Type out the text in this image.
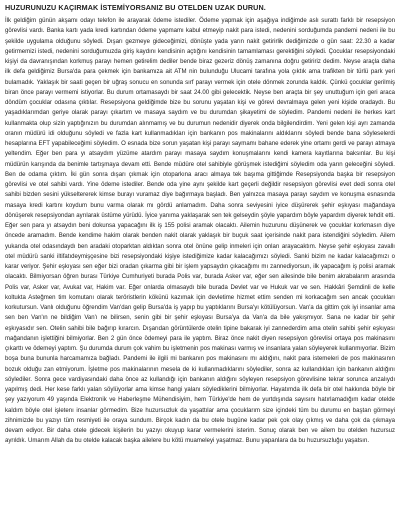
HUZURUNUZU KAÇIRMAK İSTEMİYORSANIZ BU OTELDEN UZAK DURUN.

İlk geldiğim günün akşamı odayı telefon ile arayarak ödeme istediler. Ödeme yapmak için aşağıya indiğimde aslı surattı farklı bir resepsiyon görevlisi vardı. Banka kartı yada kredi kartından ödeme yapmamı kabul etmeyip nakit para istedi, nedenini sorduğumda pandemi nedeni ile bu şekilde uygulama olduğunu söyledi. Dışarı gezmeye gideceğimizi, dönüşte yada yarın nakit getirirlik dediğimizde o gün saat: 22.30 a kadar getirmemizi istedi, nedenini sorduğumuzda giriş kaydını kendisinin açtığını kendisinin tamamlaması gerektiğini söyledi. Çocuklar resepsiyondaki kişiyi da davranışından korkmuş parayı hemen getirelim dediler bende biraz gezeriz dönüş zamanına doğru getiririz dedim. Neyse araçla daha ilk defa geldiğimiz Bursa'da para çekmek için bankamıza ait ATM nin bulunduğu Ulucami tarafına yola çıktık ama trafikten bir türlü park yeri bulamadık. Yaklaşık bir saati geçen bir uğraş sonucu en sonunda sırf parayı vermek için otele dönmek zorunda kaldık. Çünkü çocuklar gerilmiş biran önce parayı vermemi istiyorlar. Bu durum ortamasaydı bir saat 24.00 gibi gelecektik. Neyse ben araçta bir şey unuttuğum için geri araca döndüm çocuklar odasına çıktılar. Resepsiyona geldiğimde bize bu sorunu yaşatan kişi ve görevi devralmaya gelen yeni kişide oradaydı. Bu yaşadıklarımdan geriye olarak parayı çıkartım ve masaya saydım ve bu durumdan şikayetimi de söyledim. Pandemi nedeni ile herkes kart kullanmakta olup sizin yaptığınızın bu durumdan alınmamış ve bu durumun nedenidir diyerek onda bilgilendirdim. Yeni gelen kişi ayrı zamanda oranın müdürü idi olduğunu söyledi ve fazla kart kullanmadıkları için bankanın pos makinalarını aldıklarını söyledi bende bana söyleselerdi hesaplarına EFT yapabileceğimi söyledim. O esnada bize sorun yaşatan kişi parayı saymamı bahane ederek yine ortamı gerdi ve parayı atmaya yeltendim. Eğer ben para yı atsaydım yüzüme atardım parayı masaya saydım konuşmalarını kendi kamera kayıtlarına baksınlar. Bu kişi müdürün karışında da benimle tartışmaya devam etti. Bende müdüre otel sahibiyle görüşmek istediğimi söyledim oda yarın geleceğini söyledi. Ben de odama çıktım. İki gün sonra dışarı çıkmak için otoparkına aracı almaya tek başıma gittiğimde Resepsiyonda başka bir resepsiyon görevlisi ve otel sahibi vardı. Yine ödeme istediler. Bende oda yine aynı şekilde kart geçerli değildir resepsiyon görevlisi evet dedi sonra otel sahibi bizden sesini yükseltererek kimse burayı vuramaz diye bağırmaya başladı. Ben yalnızca masaya parayı saydım ve konuşma esnasında masaya kredi kartını koydum bunu varma olarak mı gördü anlamadım. Daha sonra seviyesini iyice düşürerek şehir eşkıyası mağandaya dönüşerek resepsiyondan ayrılarak üstüme yürüdü. İyice yanıma yaklaşarak sen tek gelseydin şöyle yapardım böyle yapardım diyerek tehdit etti. Eğer sen para yı atsaydın beni dokunsa yapacağını ilk iş 155 polisi aramak olacaktı. Ailemin huzurunu düşünerek ve çocuklar korkmasın diye öncede aramadım. Bende kendime hakim olarak benden nakit olarak yaklaşık bir buçuk saat içerisinde nakit para istendiğini söyledim. Ailem yukarıda otel odasındaydı ben aradaki otoparktan aldıktan sonra otel önüne gelip inmeleri için onları arayacaktım. Neyse şehir eşkıyası zavallı otel müdürü sanki iltifatıdeymişçesine bizi resepsiyondaki kişiye istediğimize kadar kalacağımızı söyledi. Sanki bizim ne kadar kalacağımızı o karar veriyor. Şehir eşkıyası sen eğer bizi oradan çıkarma gibi bir işlem yapsaydın çıkacağımı mı zannediyorsun, ilk yapacağım iş polisi aramak olacaktı. Bilmiyorsan öğren burası Türkiye Cumhuriyeti burada Polis var, burada Asker var, eğer sen ailesinde bile benim akrabalarım arasında Polis var, Asker var, Avukat var, Hakim var. Eğer onlarda olmasaydı bile burada Devlet var ve Hukuk var ve sen. Hakkâri Şemdinli de kelle koltukta Asteğmen tim komutanı olarak teröristlerin kökünü kazımak için devletime hizmet ettim senden mi korkacağım sen ancak çocukları korkutursun. Vanlı olduğunu öğrendim Van'dan gelip Bursa'da iş yapıp bu yaptıklarını Bursa'yı kötülüyorsun. Van'a da gittim çok iyi insanlar ama sen ben Van'ın ne bildiğim Van'ı ne bilirsen, senin gibi bir şehir eşkıyası Bursa'ya da Van'a da bile yakışmıyor. Sana ne kadar bir şehir eşkıyasıdır sen. Otelin sahibi bile bağırıp kırarcın. Dışarıdan görüntülerde otelin tipine bakarak iyi zannederdim ama otelin sahibi şehir eşkıyası mağandanın işlettiğini bilmiyorlar. Ben 2 gün önce ödemeyi para ile yaptım. Biraz önce nakit diyen resepsiyon görevlisi ortaya pos makinasını çıkarttı ve ödemeyi yaptım. Şu durumda durum çok vahim bu işletmenin pos makinası varmış ve insanlara yalan söyleyerek kullanmıyorlar. Bizim boşa buna bununla harcamamıza bağladı. Pandemi ile ilgili mi bankanın pos makinasını mı aldığını, nakit para istemeleri de pos makinasının bozuk olduğu zan etmiyorum. İşletme pos makinalarının mesela de ki kullanmadıklarını söylediler, sonra az kullandıkları için bankanın aldığını söylediler. Sonra gece vardiyasındaki daha önce az kullandığı için bankanın aldığını söyleyen resepsiyon görevlisine tekrar sorunca arızalıydı yapılmış dedi. Her kese farklı yalan söylüyorlar ama kimse hangi yalanı söylediklerini bilmiyorlar. Hayatımda ilk defa bir otel hakkında böyle bir şey yazıyorum 49 yaşında Elektronik ve Haberleşme Mühendisiyim, hem Türkiye'de hem de yurtdışında sayısını hatırlamadığım kadar otelde kaldım böyle otel işletenı insanlar görmedim. Bize huzursuzluk da yaşattılar ama çocuklarım size içindeki tüm bu durumu en baştan görmeyi zihnimizde bu yazıyı tüm resmiyeti ile oraya sundum. Birçok kadın da bu otele bugüne kadar pek çok olay çıkmış ve daha çok da çıkmaya devam ediyor. Bir daha otele gidecek kişilerin bu yazıyı okuyup karar vermelerini isterim. Sonuç olarak ben ve ailem bu otelden huzursuz ayrıldık. Umarım Allah da bu otelde kalacak başka ailelere bu kötü muameleyi yaşatmaz. Bunu yapanlara da bu huzursuzluğu yaşatsın.
